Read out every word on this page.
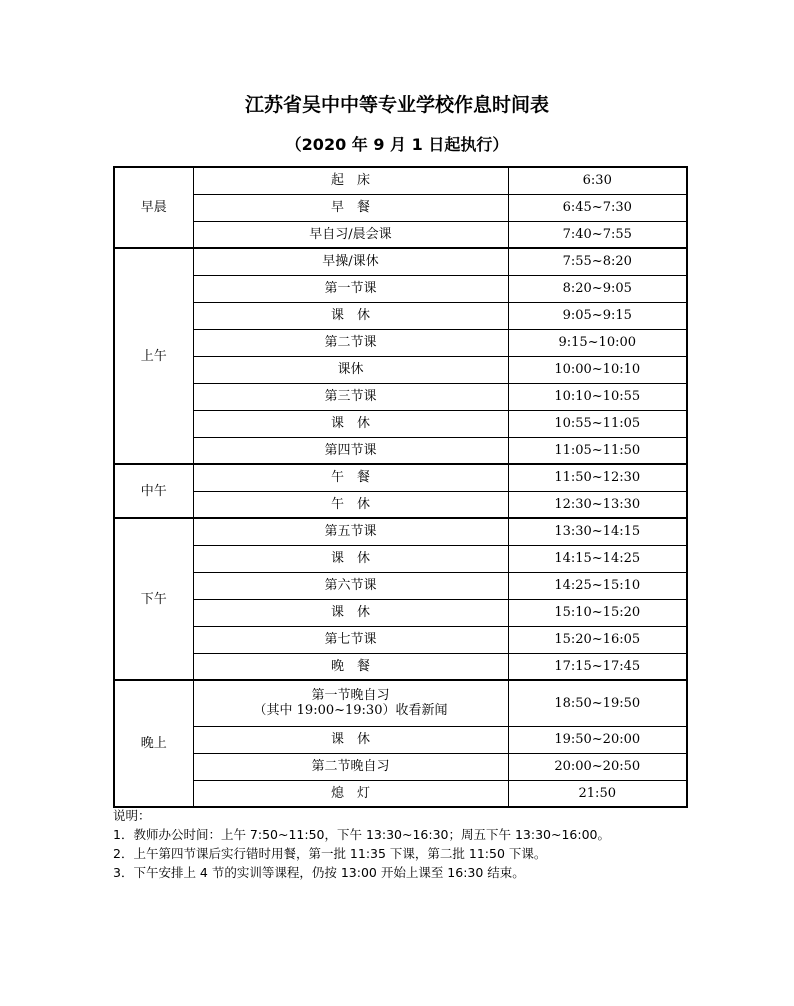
江苏省吴中中等专业学校作息时间表
（2020 年 9 月 1 日起执行）
早晨	起　床	6:30
	早　餐	6:45~7:30
	早自习/晨会课	7:40~7:55
上午	早操/课休	7:55~8:20
	第一节课	8:20~9:05
	课　休	9:05~9:15
	第二节课	9:15~10:00
	课休	10:00~10:10
	第三节课	10:10~10:55
	课　休	10:55~11:05
	第四节课	11:05~11:50
中午	午　餐	11:50~12:30
	午　休	12:30~13:30
下午	第五节课	13:30~14:15
	课　休	14:15~14:25
	第六节课	14:25~15:10
	课　休	15:10~15:20
	第七节课	15:20~16:05
	晚　餐	17:15~17:45
晚上	第一节晚自习
（其中 19:00~19:30）收看新闻	18:50~19:50
	课　休	19:50~20:00
	第二节晚自习	20:00~20:50
	熄　灯	21:50
说明：
1．教师办公时间：上午 7:50~11:50，下午 13:30~16:30；周五下午 13:30~16:00。
2．上午第四节课后实行错时用餐，第一批 11:35 下课，第二批 11:50 下课。
3．下午安排上 4 节的实训等课程，仍按 13:00 开始上课至 16:30 结束。
